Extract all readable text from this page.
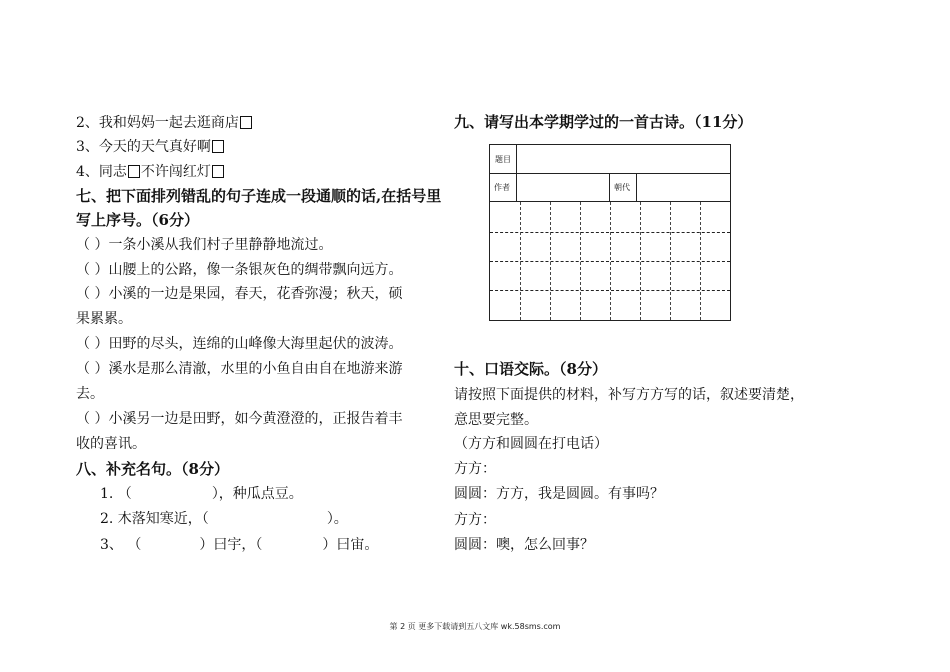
2、我和妈妈一起去逛商店
3、今天的天气真好啊
4、同志 不许闯红灯
七、把下面排列错乱的句子连成一段通顺的话,在括号里
写上序号。（6分）
（ ）一条小溪从我们村子里静静地流过。
（ ）山腰上的公路，像一条银灰色的绸带飘向远方。
（ ）小溪的一边是果园，春天，花香弥漫；秋天，硕
果累累。
（ ）田野的尽头，连绵的山峰像大海里起伏的波涛。
（ ）溪水是那么清澈，水里的小鱼自由自在地游来游
去。
（ ）小溪另一边是田野，如今黄澄澄的，正报告着丰
收的喜讯。
八、补充名句。（8分）
1. （	），种瓜点豆。
2. 木落知寒近，（	）。
3、 （	）曰宇，（	）曰宙。
九、请写出本学期学过的一首古诗。（11分）
题目
作者	朝代
十、口语交际。（8分）
请按照下面提供的材料，补写方方写的话，叙述要清楚，
意思要完整。
（方方和圆圆在打电话）
方方：
圆圆：方方，我是圆圆。有事吗？
方方：
圆圆：噢，怎么回事？
第 2 页 更多下载请到五八文库 wk.58sms.com
